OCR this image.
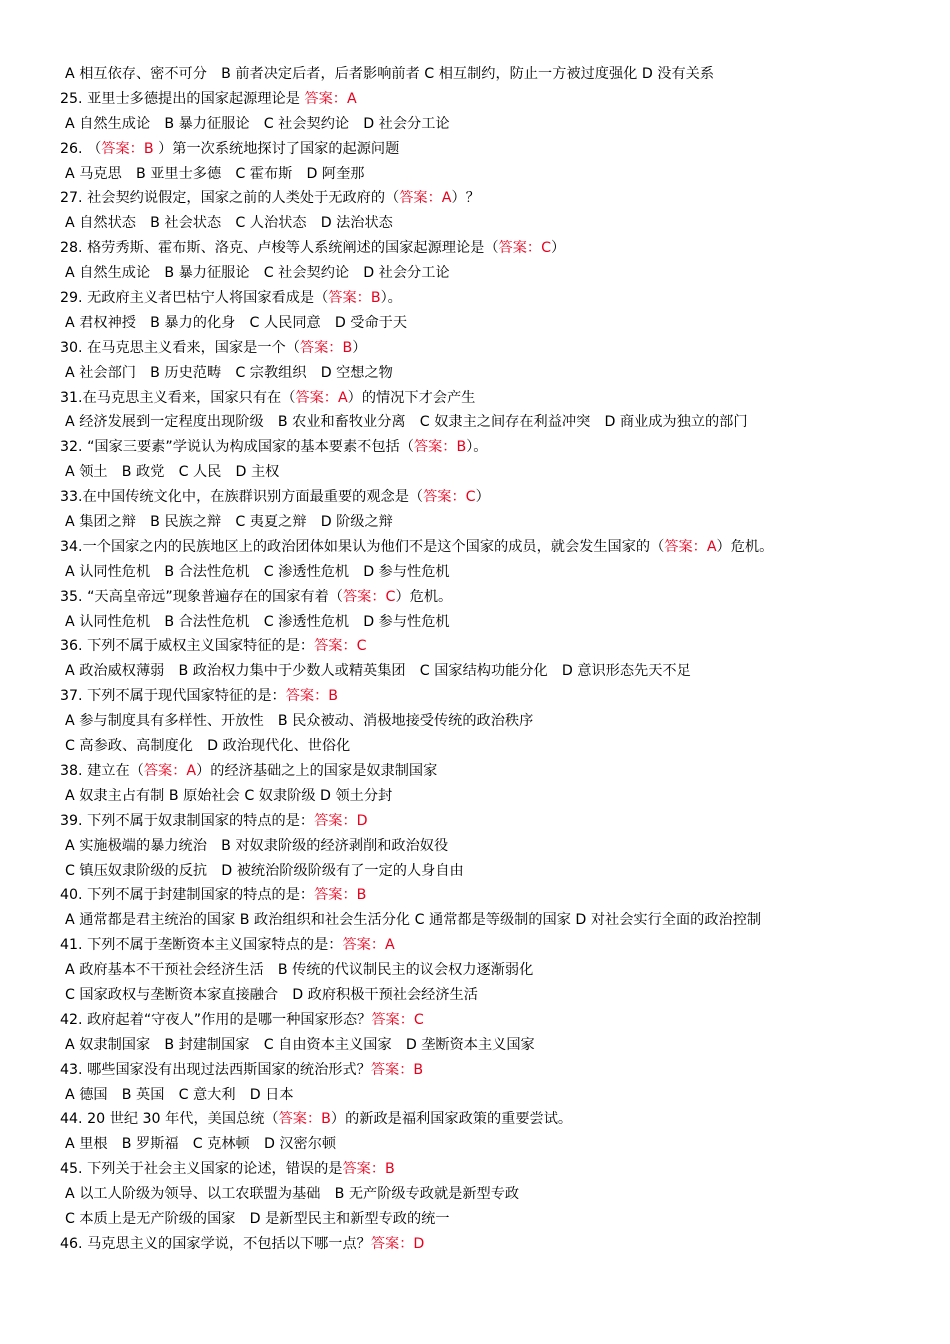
A 相互依存、密不可分　B 前者决定后者，后者影响前者 C 相互制约，防止一方被过度强化 D 没有关系
25. 亚里士多德提出的国家起源理论是 答案：A
A 自然生成论　B 暴力征服论　C 社会契约论　D 社会分工论
26. （答案：B ）第一次系统地探讨了国家的起源问题
A 马克思　B 亚里士多德　C 霍布斯　D 阿奎那
27. 社会契约说假定，国家之前的人类处于无政府的（答案：A）？
A 自然状态　B 社会状态　C 人治状态　D 法治状态
28. 格劳秀斯、霍布斯、洛克、卢梭等人系统阐述的国家起源理论是（答案：C）
A 自然生成论　B 暴力征服论　C 社会契约论　D 社会分工论
29. 无政府主义者巴枯宁人将国家看成是（答案：B）。
A 君权神授　B 暴力的化身　C 人民同意　D 受命于天
30. 在马克思主义看来，国家是一个（答案：B）
A 社会部门　B 历史范畴　C 宗教组织　D 空想之物
31.在马克思主义看来，国家只有在（答案：A）的情况下才会产生
A 经济发展到一定程度出现阶级　B 农业和畜牧业分离　C 奴隶主之间存在利益冲突　D 商业成为独立的部门
32. “国家三要素”学说认为构成国家的基本要素不包括（答案：B）。
A 领土　B 政党　C 人民　D 主权
33.在中国传统文化中，在族群识别方面最重要的观念是（答案：C）
A 集团之辩　B 民族之辩　C 夷夏之辩　D 阶级之辩
34.一个国家之内的民族地区上的政治团体如果认为他们不是这个国家的成员，就会发生国家的（答案：A）危机。
A 认同性危机　B 合法性危机　C 渗透性危机　D 参与性危机
35. “天高皇帝远”现象普遍存在的国家有着（答案：C）危机。
A 认同性危机　B 合法性危机　C 渗透性危机　D 参与性危机
36. 下列不属于威权主义国家特征的是：答案：C
A 政治威权薄弱　B 政治权力集中于少数人或精英集团　C 国家结构功能分化　D 意识形态先天不足
37. 下列不属于现代国家特征的是：答案：B
A 参与制度具有多样性、开放性　B 民众被动、消极地接受传统的政治秩序
C 高参政、高制度化　D 政治现代化、世俗化
38. 建立在（答案：A）的经济基础之上的国家是奴隶制国家
A 奴隶主占有制 B 原始社会 C 奴隶阶级 D 领土分封
39. 下列不属于奴隶制国家的特点的是：答案：D
A 实施极端的暴力统治　B 对奴隶阶级的经济剥削和政治奴役
C 镇压奴隶阶级的反抗　D 被统治阶级阶级有了一定的人身自由
40. 下列不属于封建制国家的特点的是：答案：B
A 通常都是君主统治的国家 B 政治组织和社会生活分化 C 通常都是等级制的国家 D 对社会实行全面的政治控制
41. 下列不属于垄断资本主义国家特点的是：答案：A
A 政府基本不干预社会经济生活　B 传统的代议制民主的议会权力逐渐弱化
C 国家政权与垄断资本家直接融合　D 政府积极干预社会经济生活
42. 政府起着“守夜人”作用的是哪一种国家形态？答案：C
A 奴隶制国家　B 封建制国家　C 自由资本主义国家　D 垄断资本主义国家
43. 哪些国家没有出现过法西斯国家的统治形式？答案：B
A 德国　B 英国　C 意大利　D 日本
44. 20 世纪 30 年代，美国总统（答案：B）的新政是福利国家政策的重要尝试。
A 里根　B 罗斯福　C 克林顿　D 汉密尔顿
45. 下列关于社会主义国家的论述，错误的是答案：B
A 以工人阶级为领导、以工农联盟为基础　B 无产阶级专政就是新型专政
C 本质上是无产阶级的国家　D 是新型民主和新型专政的统一
46. 马克思主义的国家学说，不包括以下哪一点？答案：D
